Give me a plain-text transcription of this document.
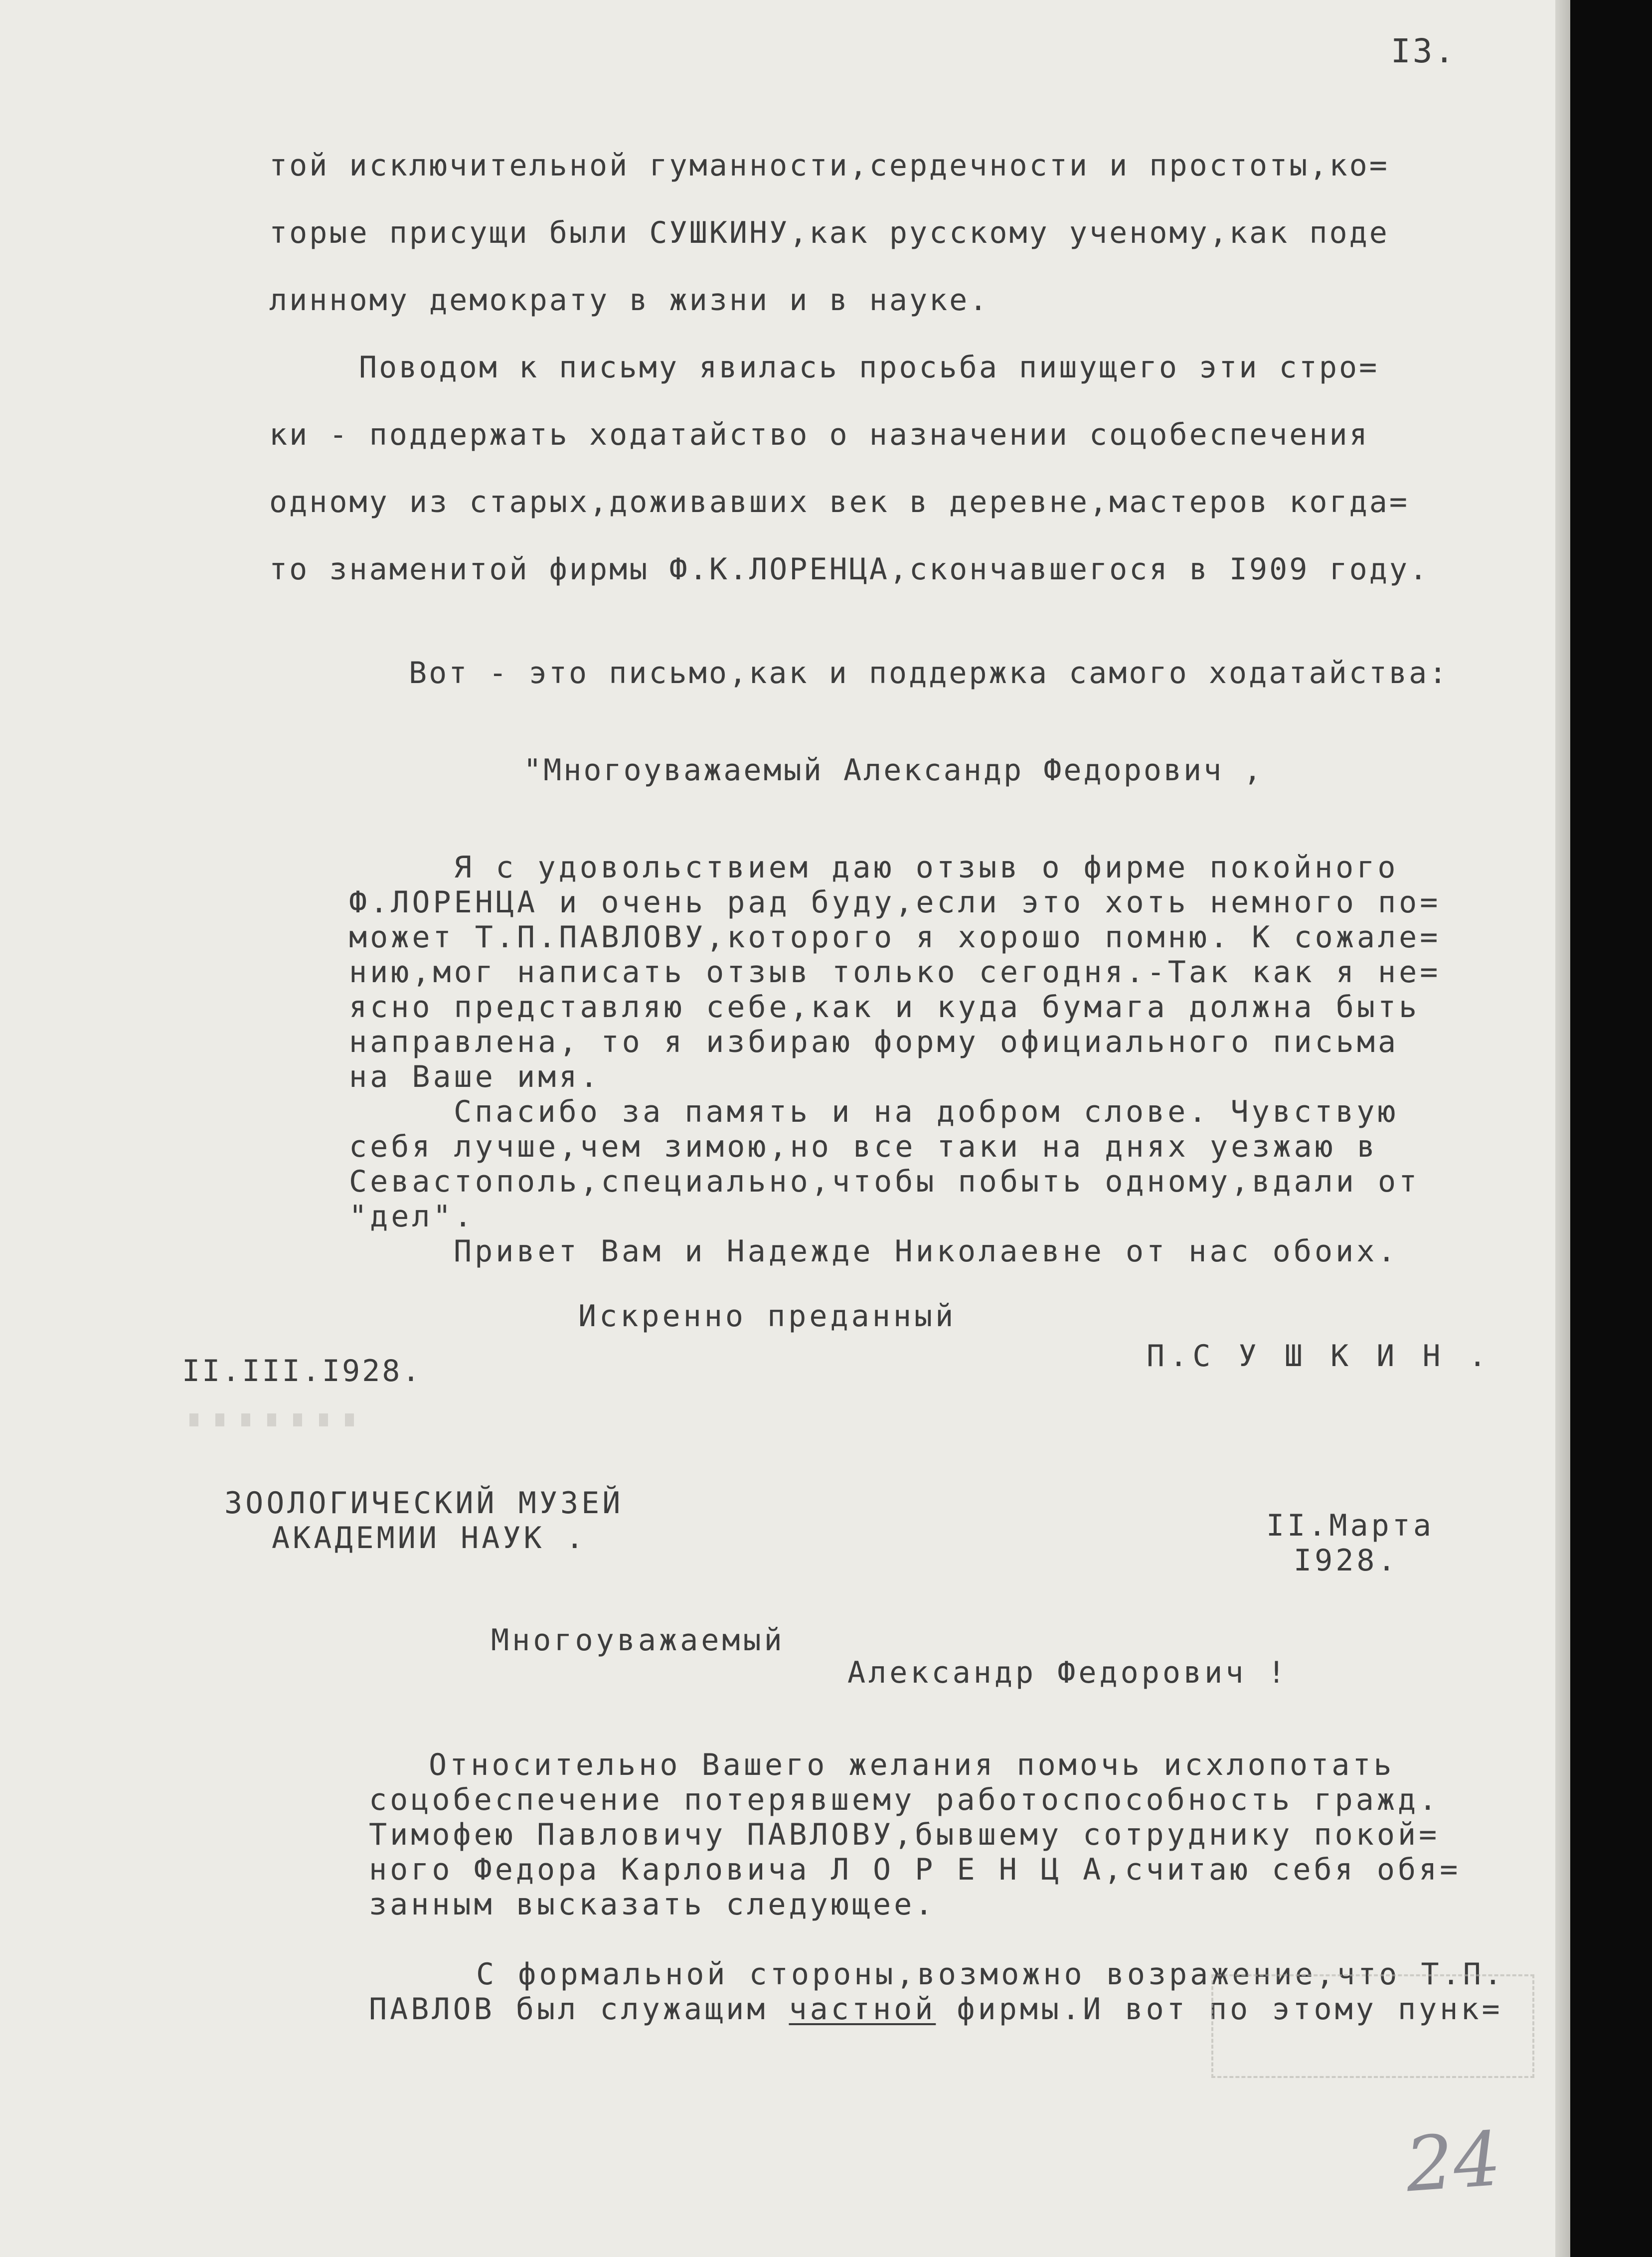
I3.
той исключительной гуманности,сердечности и простоты,ко=
торые присущи были СУШКИНУ,как русскому ученому,как поде
линному демократу в жизни и в науке.
Поводом к письму явилась просьба пишущего эти стро=
ки - поддержать ходатайство о назначении соцобеспечения
одному из старых,доживавших век в деревне,мастеров когда=
то знаменитой фирмы Ф.К.ЛОРЕНЦА,скончавшегося в I909 году.
Вот - это письмо,как и поддержка самого ходатайства:
"Многоуважаемый Александр Федорович ,
Я с удовольствием даю отзыв о фирме покойного
Ф.ЛОРЕНЦА и очень рад буду,если это хоть немного по=
может Т.П.ПАВЛОВУ,которого я хорошо помню. К сожале=
нию,мог написать отзыв только сегодня.-Так как я не=
ясно представляю себе,как и куда бумага должна быть
направлена, то я избираю форму официального письма
на Ваше имя.
Спасибо за память и на добром слове. Чувствую
себя лучше,чем зимою,но все таки на днях уезжаю в
Севастополь,специально,чтобы побыть одному,вдали от
"дел".
Привет Вам и Надежде Николаевне от нас обоих.
Искренно преданный
II.III.I928.	П.С У Ш К И Н .
ЗООЛОГИЧЕСКИЙ МУЗЕЙ
АКАДЕМИИ НАУК .	II.Марта
I928.
Многоуважаемый
Александр Федорович !
Относительно Вашего желания помочь исхлопотать
соцобеспечение потерявшему работоспособность гражд.
Тимофею Павловичу ПАВЛОВУ,бывшему сотруднику покой=
ного Федора Карловича Л О Р Е Н Ц А,считаю себя обя=
занным высказать следующее.
С формальной стороны,возможно возражение,что Т.П.
ПАВЛОВ был служащим частной фирмы.И вот по этому пунк=
24
